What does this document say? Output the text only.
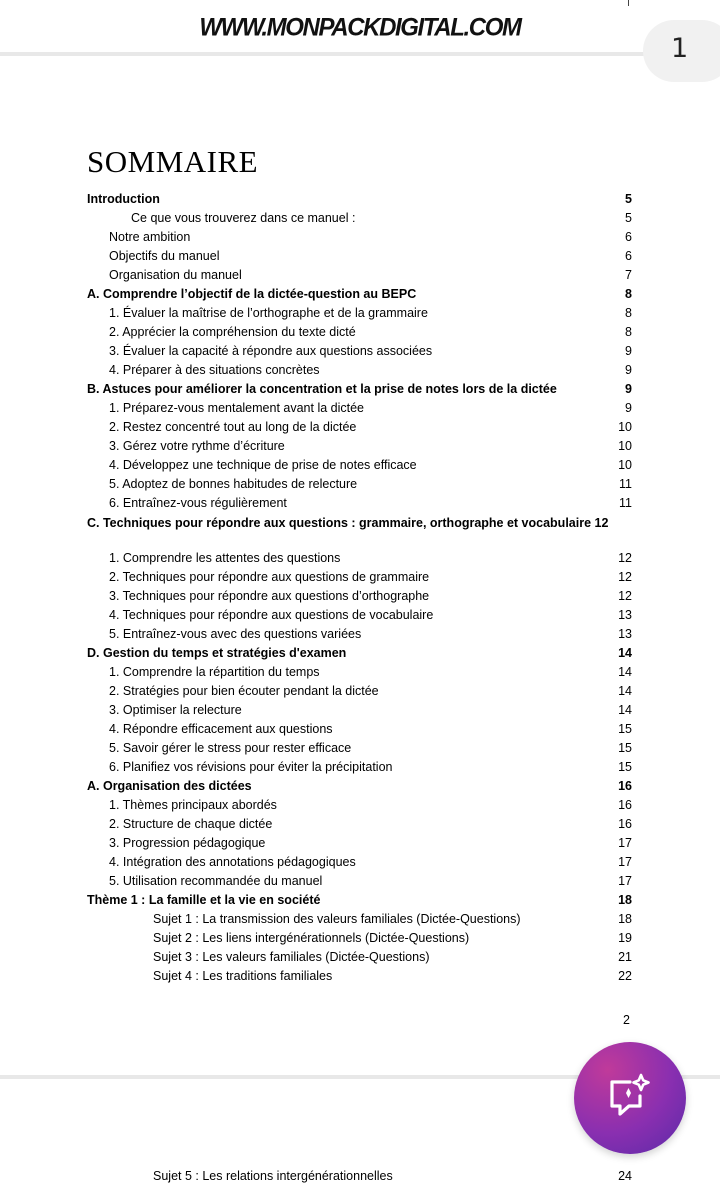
WWW.MONPACKDIGITAL.COM
1
SOMMAIRE
Introduction	5
Ce que vous trouverez dans ce manuel :	5
Notre ambition	6
Objectifs du manuel	6
Organisation du manuel	7
A. Comprendre l’objectif de la dictée-question au BEPC	8
1. Évaluer la maîtrise de l’orthographe et de la grammaire	8
2. Apprécier la compréhension du texte dicté	8
3. Évaluer la capacité à répondre aux questions associées	9
4. Préparer à des situations concrètes	9
B. Astuces pour améliorer la concentration et la prise de notes lors de la dictée	9
1. Préparez-vous mentalement avant la dictée	9
2. Restez concentré tout au long de la dictée	10
3. Gérez votre rythme d’écriture	10
4. Développez une technique de prise de notes efficace	10
5. Adoptez de bonnes habitudes de relecture	11
6. Entraînez-vous régulièrement	11
C. Techniques pour répondre aux questions : grammaire, orthographe et vocabulaire 12
1. Comprendre les attentes des questions	12
2. Techniques pour répondre aux questions de grammaire	12
3. Techniques pour répondre aux questions d’orthographe	12
4. Techniques pour répondre aux questions de vocabulaire	13
5. Entraînez-vous avec des questions variées	13
D. Gestion du temps et stratégies d'examen	14
1. Comprendre la répartition du temps	14
2. Stratégies pour bien écouter pendant la dictée	14
3. Optimiser la relecture	14
4. Répondre efficacement aux questions	15
5. Savoir gérer le stress pour rester efficace	15
6. Planifiez vos révisions pour éviter la précipitation	15
A. Organisation des dictées	16
1. Thèmes principaux abordés	16
2. Structure de chaque dictée	16
3. Progression pédagogique	17
4. Intégration des annotations pédagogiques	17
5. Utilisation recommandée du manuel	17
Thème 1 : La famille et la vie en société	18
Sujet 1 : La transmission des valeurs familiales (Dictée-Questions)	18
Sujet 2 : Les liens intergénérationnels (Dictée-Questions)	19
Sujet 3 : Les valeurs familiales (Dictée-Questions)	21
Sujet 4 : Les traditions familiales	22
2
Sujet 5 : Les relations intergénérationnelles	24
